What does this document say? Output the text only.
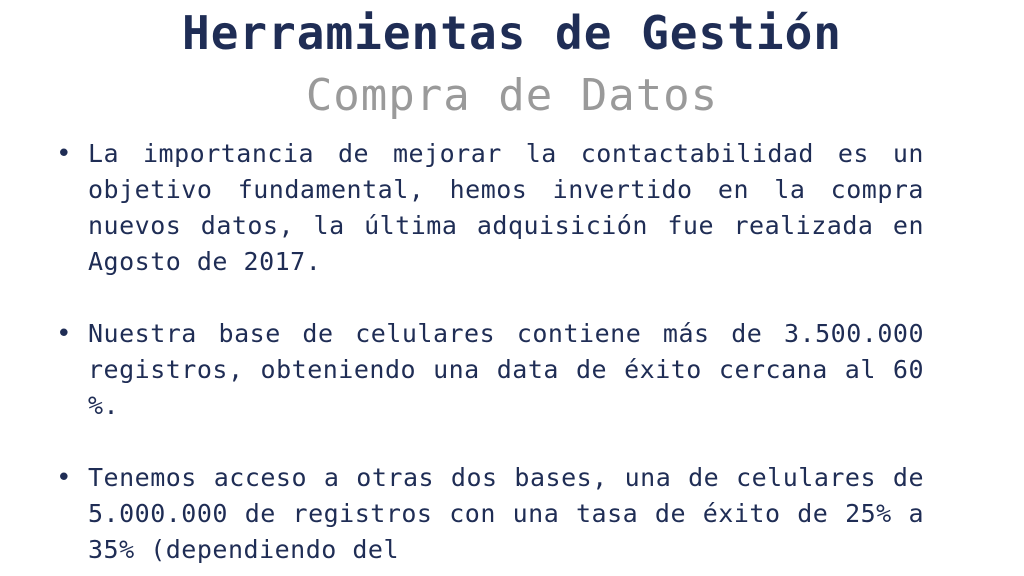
Herramientas de Gestión
Compra de Datos
• La importancia de mejorar la contactabilidad es un objetivo fundamental, hemos invertido en la compra nuevos datos, la última adquisición fue realizada en Agosto de 2017.
• Nuestra base de celulares contiene más de 3.500.000 registros, obteniendo una data de éxito cercana al 60 %.
• Tenemos acceso a otras dos bases, una de celulares de 5.000.000 de registros con una tasa de éxito de 25% a 35% (dependiendo del
